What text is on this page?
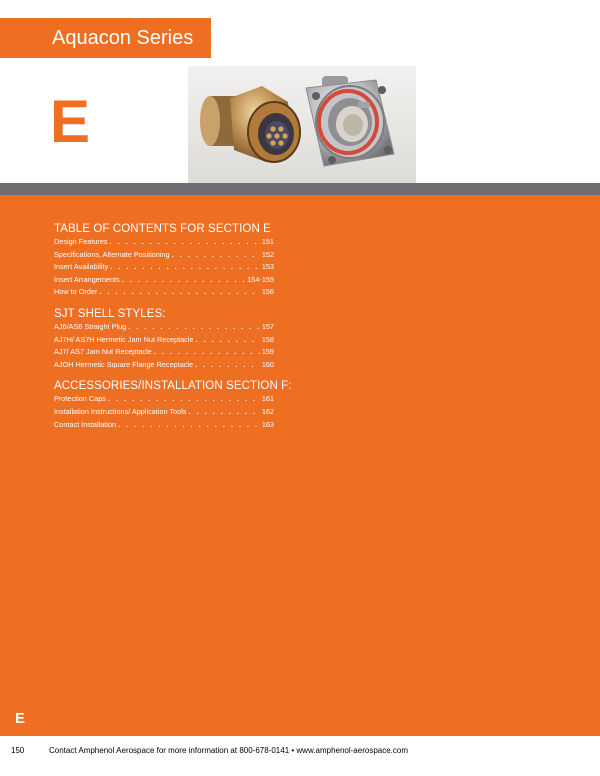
Aquacon Series
E
TABLE OF CONTENTS FOR SECTION E
Design Features . . .	151
Specifications, Alternate Positioning . . .	152
Insert Availability . . .	153
Insert Arrangements . . .	154-155
How to Order . . .	156
SJT SHELL STYLES:
AJ6/AS6 Straight Plug . . .	157
AJ7H/ AS7H Hermetic Jam Nut Receptacle . . .	158
AJ7/ AS7 Jam Nut Receptacle . . .	159
AJOH Hermetic Square Flange Receptacle . . .	160
ACCESSORIES/INSTALLATION SECTION F:
Protection Caps . . .	161
Installation Instructions/ Application Tools . . .	162
Contact Installation . . .	163
E
150	Contact Amphenol Aerospace for more information at 800-678-0141 • www.amphenol-aerospace.com
